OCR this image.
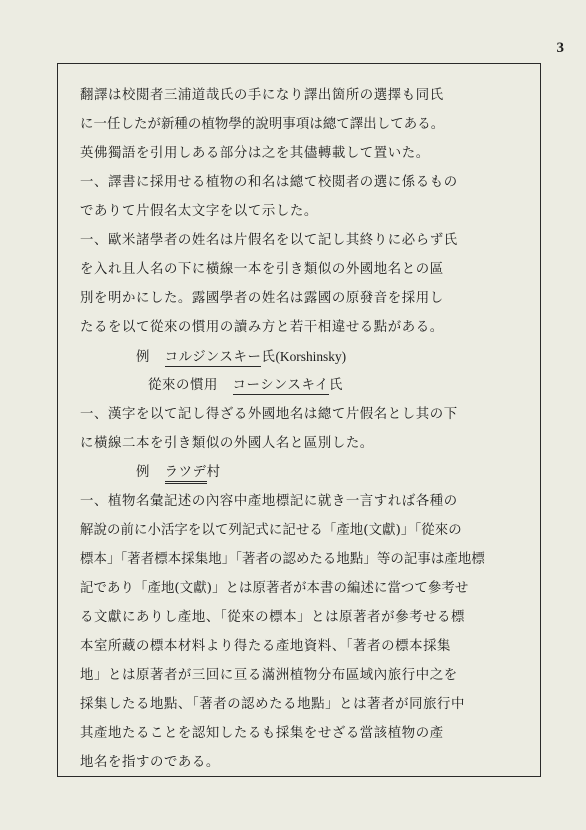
3
翻譯は校閲者三浦道哉氏の手になり譯出箇所の選擇も同氏
に一任したが新種の植物學的說明事項は總て譯出してある。
英佛獨語を引用しある部分は之を其儘轉載して置いた。
一、譯書に採用せる植物の和名は總て校閲者の選に係るもの
でありて片假名太文字を以て示した。
一、歐米諸學者の姓名は片假名を以て記し其終りに必らず氏
を入れ且人名の下に橫線一本を引き類似の外國地名との區
別を明かにした。露國學者の姓名は露國の原發音を採用し
たるを以て從來の慣用の讀み方と若干相違せる點がある。
例 コルジンスキー氏(Korshinsky)
從來の慣用 コーシンスキイ氏
一、漢字を以て記し得ざる外國地名は總て片假名とし其の下
に橫線二本を引き類似の外國人名と區別した。
例 ラツデ村
一、植物名彙記述の內容中產地標記に就き一言すれば各種の
解說の前に小活字を以て列記式に記せる「產地(文獻)」「從來の
標本」「著者標本採集地」「著者の認めたる地點」等の記事は產地標
記であり「產地(文獻)」とは原著者が本書の編述に當つて參考せ
る文獻にありし產地、「從來の標本」とは原著者が參考せる標
本室所藏の標本材料より得たる產地資料、「著者の標本採集
地」とは原著者が三回に亘る滿洲植物分布區域內旅行中之を
採集したる地點、「著者の認めたる地點」とは著者が同旅行中
其產地たることを認知したるも採集をせざる當該植物の產
地名を指すのである。
